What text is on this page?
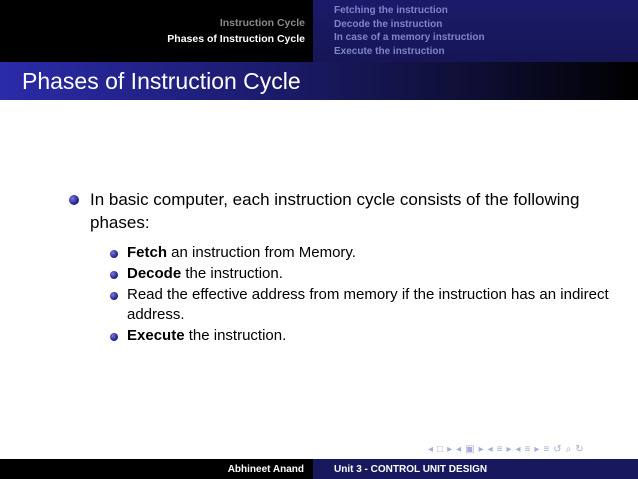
Instruction Cycle
Phases of Instruction Cycle
Fetching the instruction
Decode the instruction
In case of a memory instruction
Execute the instruction
Phases of Instruction Cycle
In basic computer, each instruction cycle consists of the following phases:
Fetch an instruction from Memory.
Decode the instruction.
Read the effective address from memory if the instruction has an indirect address.
Execute the instruction.
◂ □ ▸ ◂ ▣ ▸ ◂ ≡ ▸ ◂ ≡ ▸ ≡ ↺ ⌕ ↻
Abhineet Anand	Unit 3 - CONTROL UNIT DESIGN
